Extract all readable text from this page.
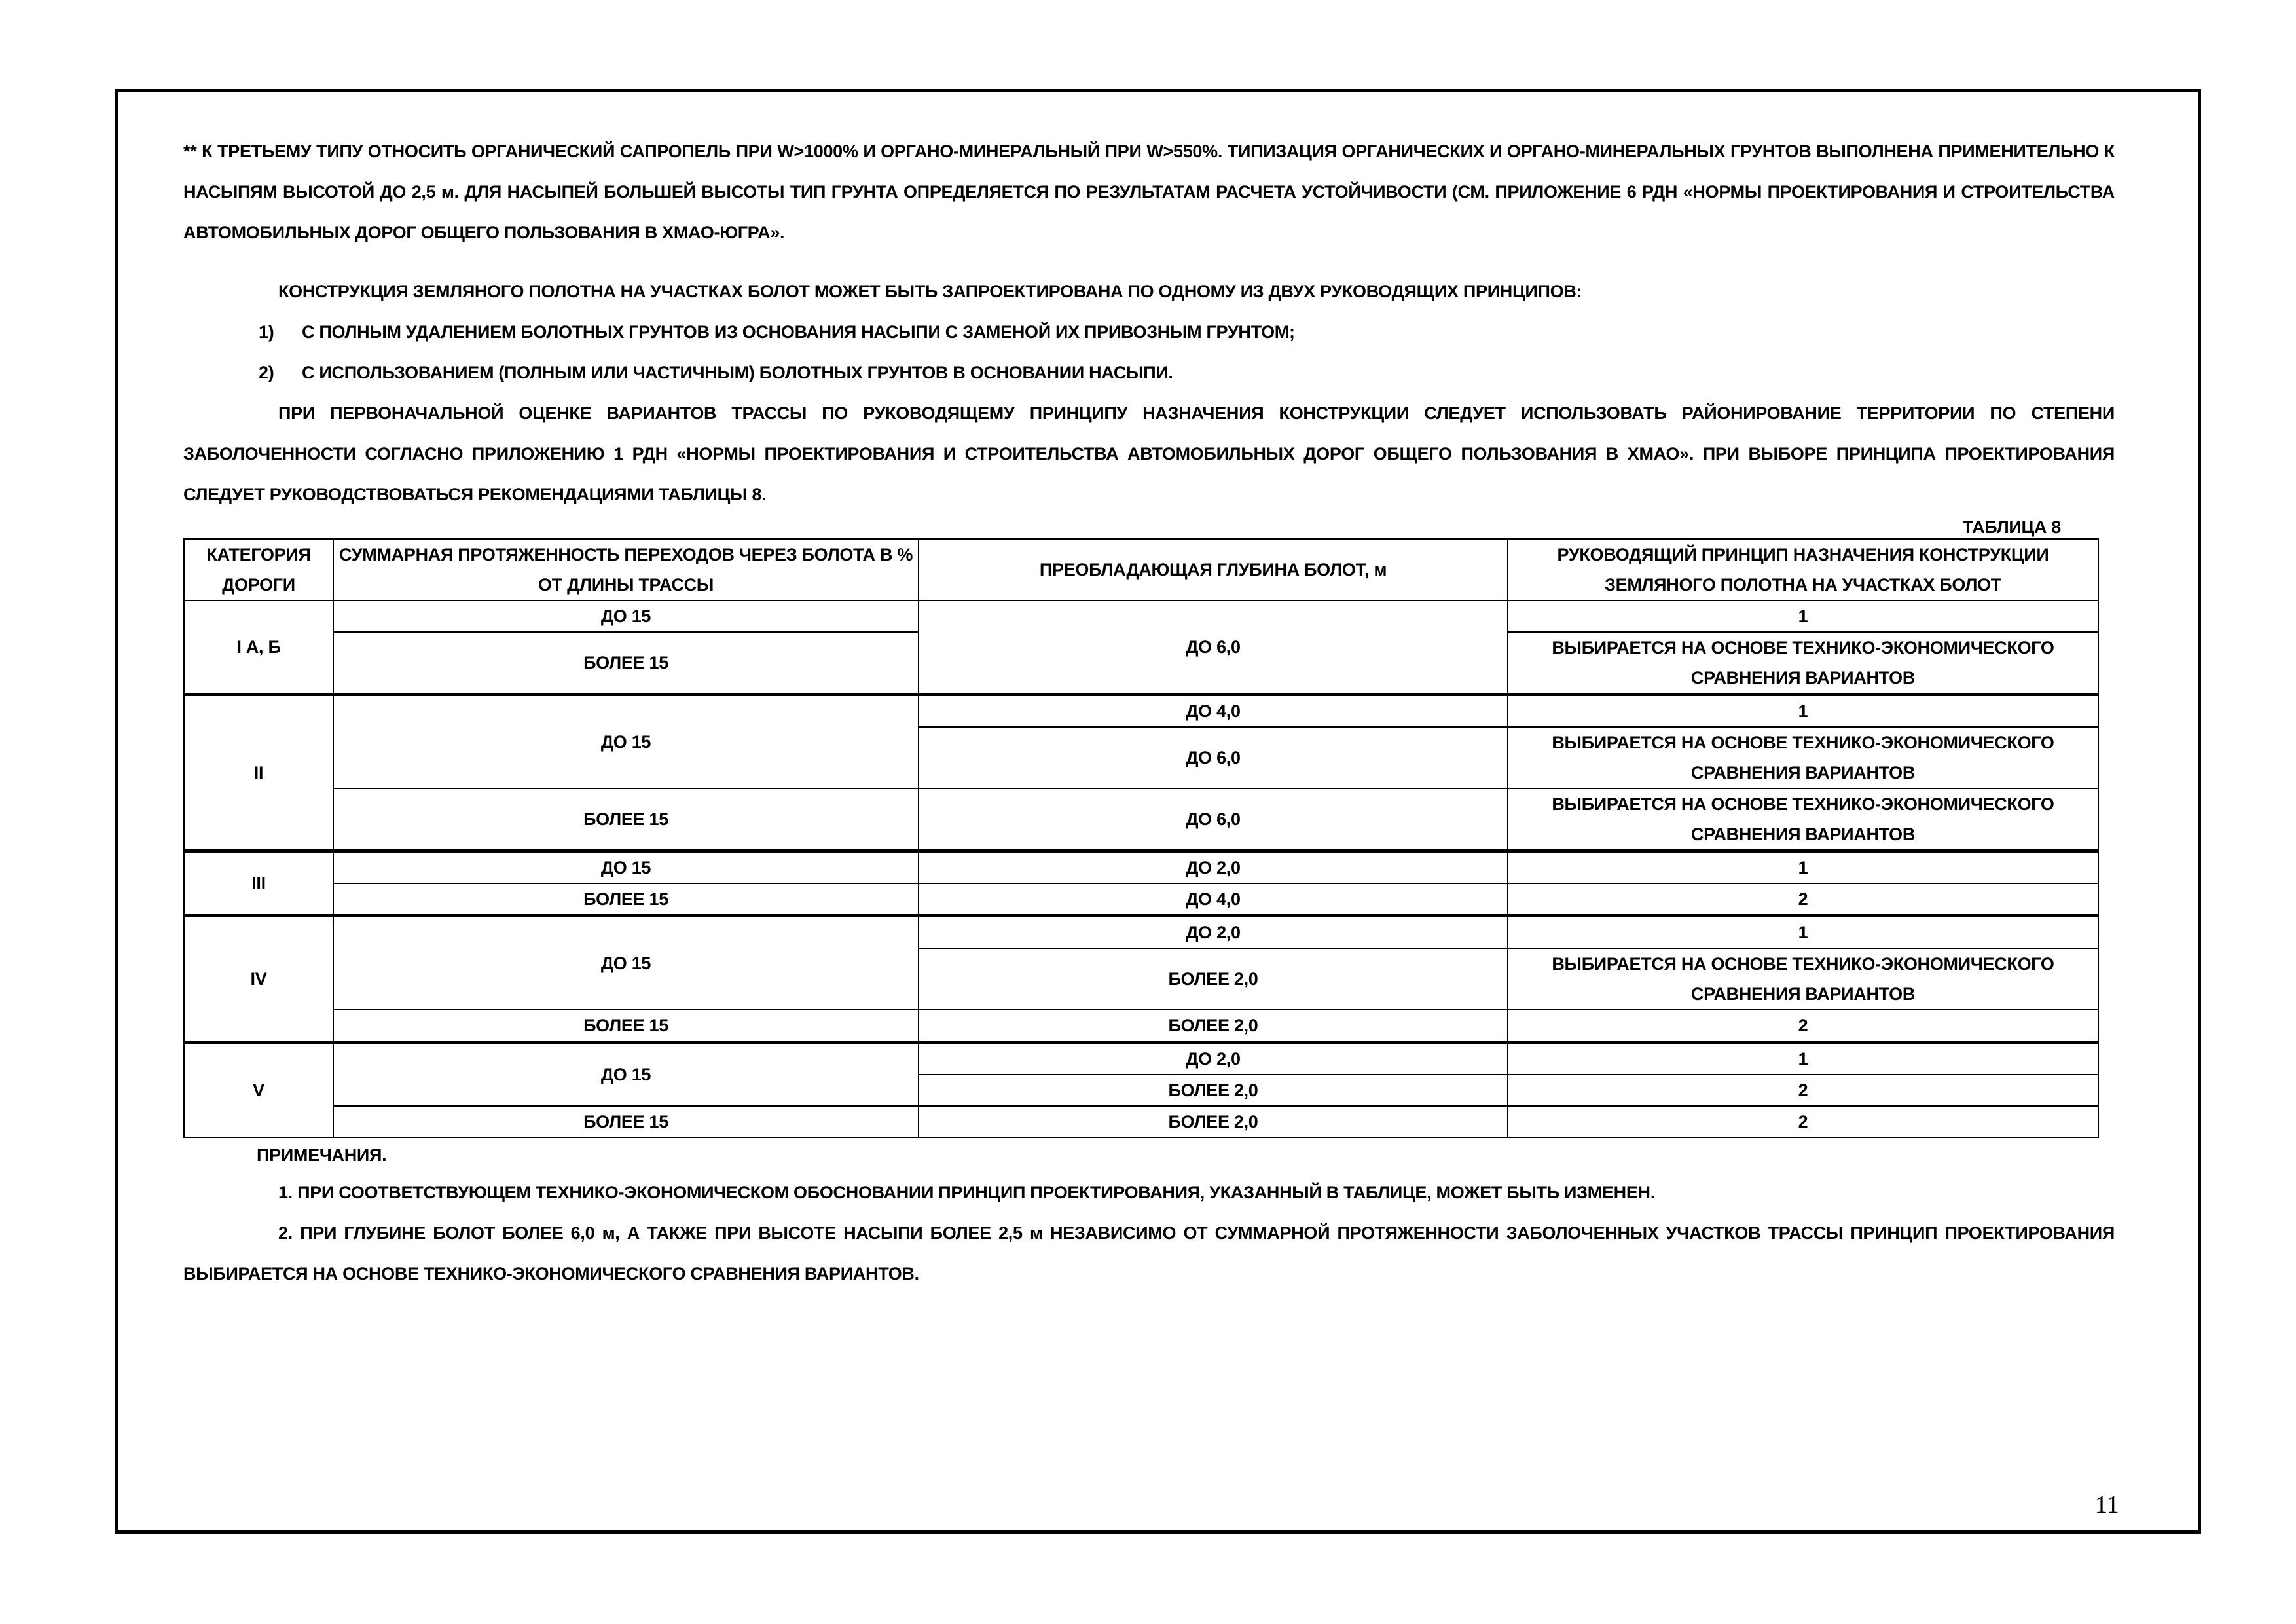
** К ТРЕТЬЕМУ ТИПУ ОТНОСИТЬ ОРГАНИЧЕСКИЙ САПРОПЕЛЬ ПРИ W>1000% И ОРГАНО-МИНЕРАЛЬНЫЙ ПРИ W>550%. ТИПИЗАЦИЯ ОРГАНИЧЕСКИХ И ОРГАНО-МИНЕРАЛЬНЫХ ГРУНТОВ ВЫПОЛНЕНА ПРИМЕНИТЕЛЬНО К НАСЫПЯМ ВЫСОТОЙ ДО 2,5 м. ДЛЯ НАСЫПЕЙ БОЛЬШЕЙ ВЫСОТЫ ТИП ГРУНТА ОПРЕДЕЛЯЕТСЯ ПО РЕЗУЛЬТАТАМ РАСЧЕТА УСТОЙЧИВОСТИ (СМ. ПРИЛОЖЕНИЕ 6 РДН «НОРМЫ ПРОЕКТИРОВАНИЯ И СТРОИТЕЛЬСТВА АВТОМОБИЛЬНЫХ ДОРОГ ОБЩЕГО ПОЛЬЗОВАНИЯ В ХМАО-ЮГРА».

КОНСТРУКЦИЯ ЗЕМЛЯНОГО ПОЛОТНА НА УЧАСТКАХ БОЛОТ МОЖЕТ БЫТЬ ЗАПРОЕКТИРОВАНА ПО ОДНОМУ ИЗ ДВУХ РУКОВОДЯЩИХ ПРИНЦИПОВ:

1) С ПОЛНЫМ УДАЛЕНИЕМ БОЛОТНЫХ ГРУНТОВ ИЗ ОСНОВАНИЯ НАСЫПИ С ЗАМЕНОЙ ИХ ПРИВОЗНЫМ ГРУНТОМ;

2) С ИСПОЛЬЗОВАНИЕМ (ПОЛНЫМ ИЛИ ЧАСТИЧНЫМ) БОЛОТНЫХ ГРУНТОВ В ОСНОВАНИИ НАСЫПИ.

ПРИ ПЕРВОНАЧАЛЬНОЙ ОЦЕНКЕ ВАРИАНТОВ ТРАССЫ ПО РУКОВОДЯЩЕМУ ПРИНЦИПУ НАЗНАЧЕНИЯ КОНСТРУКЦИИ СЛЕДУЕТ ИСПОЛЬЗОВАТЬ РАЙОНИРОВАНИЕ ТЕРРИТОРИИ ПО СТЕПЕНИ ЗАБОЛОЧЕННОСТИ СОГЛАСНО ПРИЛОЖЕНИЮ 1 РДН «НОРМЫ ПРОЕКТИРОВАНИЯ И СТРОИТЕЛЬСТВА АВТОМОБИЛЬНЫХ ДОРОГ ОБЩЕГО ПОЛЬЗОВАНИЯ В ХМАО». ПРИ ВЫБОРЕ ПРИНЦИПА ПРОЕКТИРОВАНИЯ СЛЕДУЕТ РУКОВОДСТВОВАТЬСЯ РЕКОМЕНДАЦИЯМИ ТАБЛИЦЫ 8.

ТАБЛИЦА 8
КАТЕГОРИЯ ДОРОГИ	СУММАРНАЯ ПРОТЯЖЕННОСТЬ ПЕРЕХОДОВ ЧЕРЕЗ БОЛОТА В % ОТ ДЛИНЫ ТРАССЫ	ПРЕОБЛАДАЮЩАЯ ГЛУБИНА БОЛОТ, м	РУКОВОДЯЩИЙ ПРИНЦИП НАЗНАЧЕНИЯ КОНСТРУКЦИИ ЗЕМЛЯНОГО ПОЛОТНА НА УЧАСТКАХ БОЛОТ
I А, Б	ДО 15	ДО 6,0	1
	БОЛЕЕ 15		ВЫБИРАЕТСЯ НА ОСНОВЕ ТЕХНИКО-ЭКОНОМИЧЕСКОГО СРАВНЕНИЯ ВАРИАНТОВ
II	ДО 15	ДО 4,0	1
		ДО 6,0	ВЫБИРАЕТСЯ НА ОСНОВЕ ТЕХНИКО-ЭКОНОМИЧЕСКОГО СРАВНЕНИЯ ВАРИАНТОВ
	БОЛЕЕ 15	ДО 6,0	ВЫБИРАЕТСЯ НА ОСНОВЕ ТЕХНИКО-ЭКОНОМИЧЕСКОГО СРАВНЕНИЯ ВАРИАНТОВ
III	ДО 15	ДО 2,0	1
	БОЛЕЕ 15	ДО 4,0	2
IV	ДО 15	ДО 2,0	1
		БОЛЕЕ 2,0	ВЫБИРАЕТСЯ НА ОСНОВЕ ТЕХНИКО-ЭКОНОМИЧЕСКОГО СРАВНЕНИЯ ВАРИАНТОВ
	БОЛЕЕ 15	БОЛЕЕ 2,0	2
V	ДО 15	ДО 2,0	1
		БОЛЕЕ 2,0	2
	БОЛЕЕ 15	БОЛЕЕ 2,0	2

ПРИМЕЧАНИЯ.

1. ПРИ СООТВЕТСТВУЮЩЕМ ТЕХНИКО-ЭКОНОМИЧЕСКОМ ОБОСНОВАНИИ ПРИНЦИП ПРОЕКТИРОВАНИЯ, УКАЗАННЫЙ В ТАБЛИЦЕ, МОЖЕТ БЫТЬ ИЗМЕНЕН.

2. ПРИ ГЛУБИНЕ БОЛОТ БОЛЕЕ 6,0 м, А ТАКЖЕ ПРИ ВЫСОТЕ НАСЫПИ БОЛЕЕ 2,5 м НЕЗАВИСИМО ОТ СУММАРНОЙ ПРОТЯЖЕННОСТИ ЗАБОЛОЧЕННЫХ УЧАСТКОВ ТРАССЫ ПРИНЦИП ПРОЕКТИРОВАНИЯ ВЫБИРАЕТСЯ НА ОСНОВЕ ТЕХНИКО-ЭКОНОМИЧЕСКОГО СРАВНЕНИЯ ВАРИАНТОВ.

11
